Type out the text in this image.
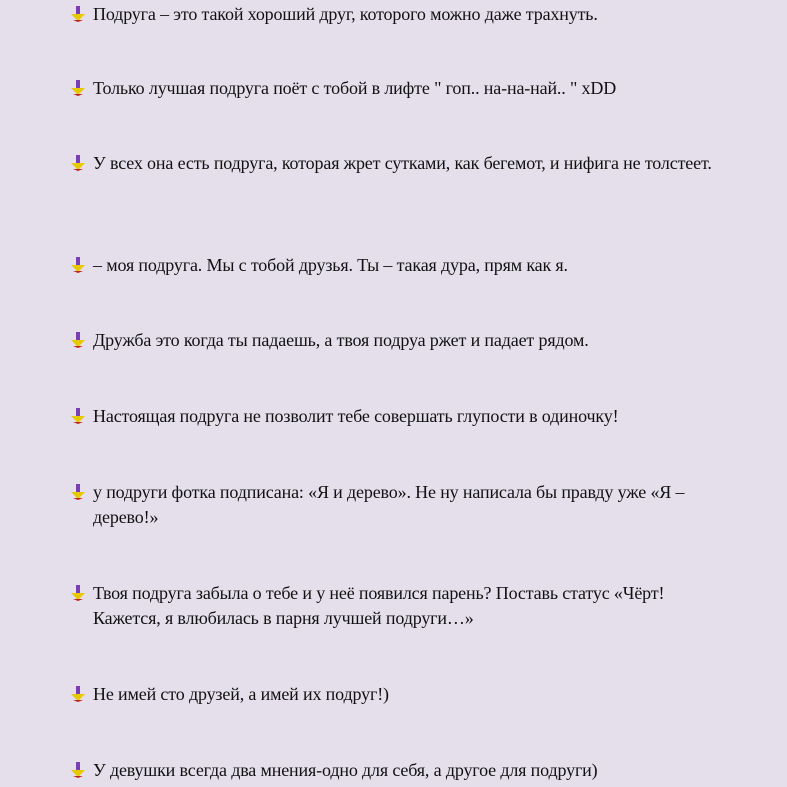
Подруга – это такой хороший друг, которого можно даже трахнуть.
Только лучшая подруга поёт с тобой в лифте " гоп.. на-на-най.. " xDD
У всех она есть подруга, которая жрет сутками, как бегемот, и нифига не толстеет.
– моя подруга. Мы с тобой друзья. Ты – такая дура, прям как я.
Дружба это когда ты падаешь, а твоя подруа ржет и падает рядом.
Настоящая подруга не позволит тебе совершать глупости в одиночку!
у подруги фотка подписана: «Я и дерево». Не ну написала бы правду уже «Я – дерево!»
Твоя подруга забыла о тебе и у неё появился парень? Поставь статус «Чёрт! Кажется, я влюбилась в парня лучшей подруги…»
Не имей сто друзей, а имей их подруг!)
У девушки всегда два мнения-одно для себя, а другое для подруги)
